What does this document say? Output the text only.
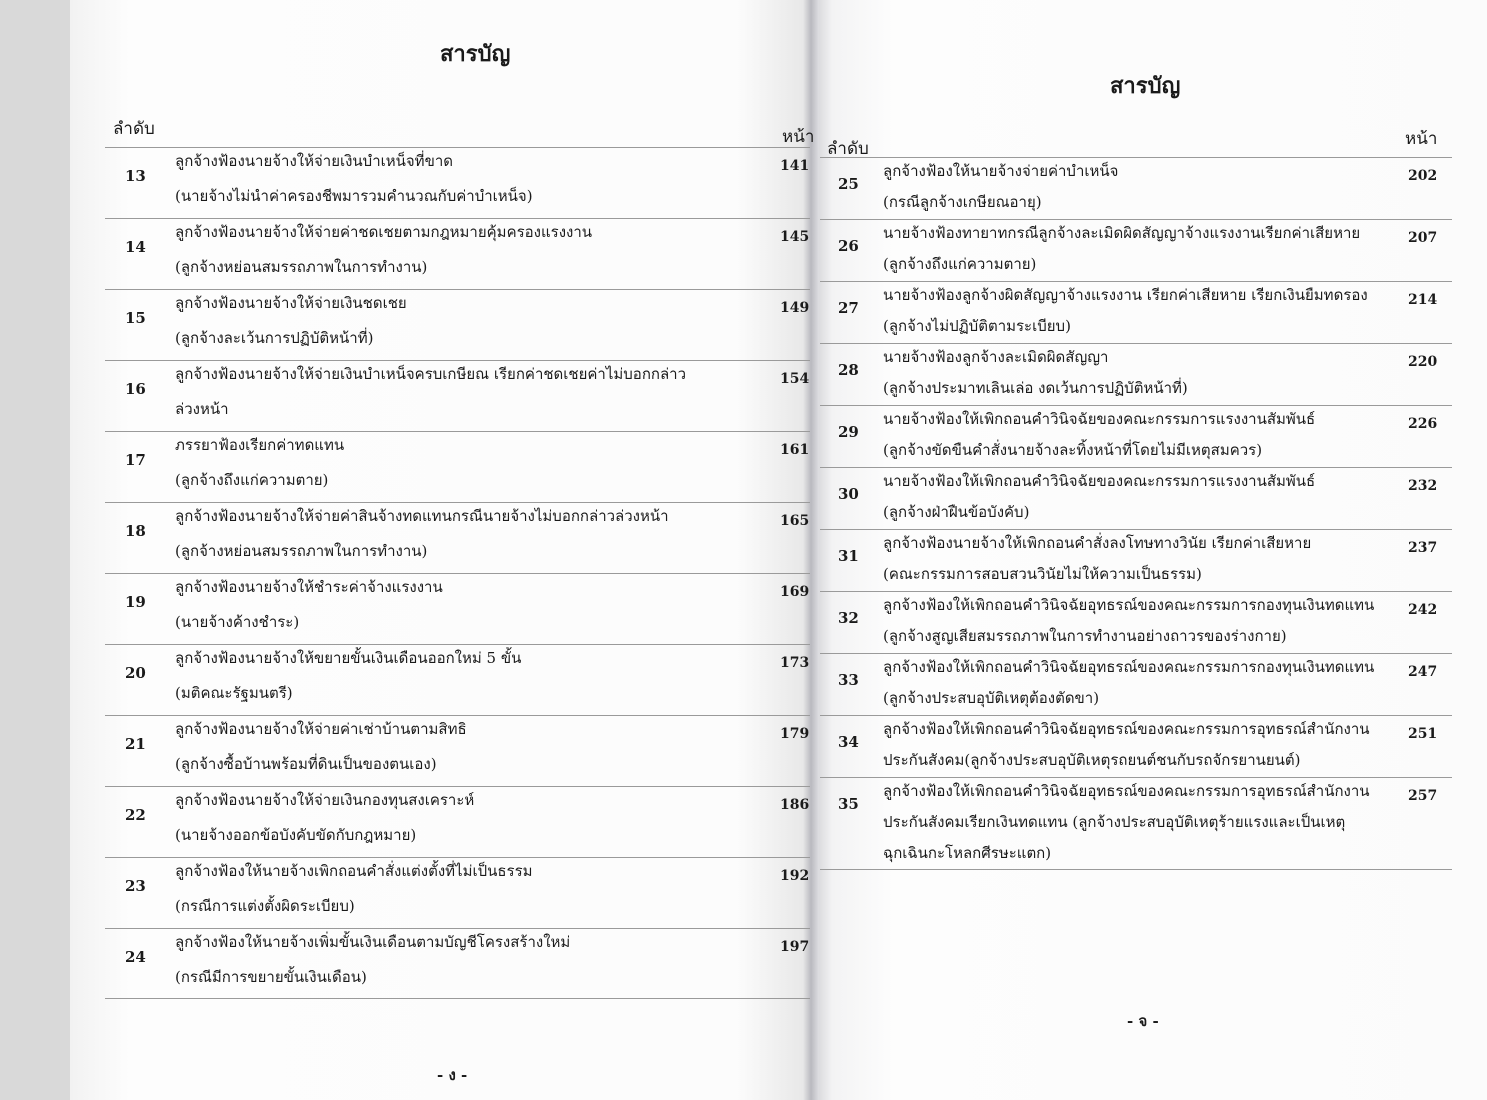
สารบัญ
ลำดับ	หน้า
13
ลูกจ้างฟ้องนายจ้างให้จ่ายเงินบำเหน็จที่ขาด
(นายจ้างไม่นำค่าครองชีพมารวมคำนวณกับค่าบำเหน็จ)
141
14
ลูกจ้างฟ้องนายจ้างให้จ่ายค่าชดเชยตามกฎหมายคุ้มครองแรงงาน
(ลูกจ้างหย่อนสมรรถภาพในการทำงาน)
145
15
ลูกจ้างฟ้องนายจ้างให้จ่ายเงินชดเชย
(ลูกจ้างละเว้นการปฏิบัติหน้าที่)
149
16
ลูกจ้างฟ้องนายจ้างให้จ่ายเงินบำเหน็จครบเกษียณ เรียกค่าชดเชยค่าไม่บอกกล่าว
ล่วงหน้า
154
17
ภรรยาฟ้องเรียกค่าทดแทน
(ลูกจ้างถึงแก่ความตาย)
161
18
ลูกจ้างฟ้องนายจ้างให้จ่ายค่าสินจ้างทดแทนกรณีนายจ้างไม่บอกกล่าวล่วงหน้า
(ลูกจ้างหย่อนสมรรถภาพในการทำงาน)
165
19
ลูกจ้างฟ้องนายจ้างให้ชำระค่าจ้างแรงงาน
(นายจ้างค้างชำระ)
169
20
ลูกจ้างฟ้องนายจ้างให้ขยายขั้นเงินเดือนออกใหม่ 5 ขั้น
(มติคณะรัฐมนตรี)
173
21
ลูกจ้างฟ้องนายจ้างให้จ่ายค่าเช่าบ้านตามสิทธิ
(ลูกจ้างซื้อบ้านพร้อมที่ดินเป็นของตนเอง)
179
22
ลูกจ้างฟ้องนายจ้างให้จ่ายเงินกองทุนสงเคราะห์
(นายจ้างออกข้อบังคับขัดกับกฎหมาย)
186
23
ลูกจ้างฟ้องให้นายจ้างเพิกถอนคำสั่งแต่งตั้งที่ไม่เป็นธรรม
(กรณีการแต่งตั้งผิดระเบียบ)
192
24
ลูกจ้างฟ้องให้นายจ้างเพิ่มขั้นเงินเดือนตามบัญชีโครงสร้างใหม่
(กรณีมีการขยายขั้นเงินเดือน)
197
- ง -
สารบัญ
ลำดับ	หน้า
25
ลูกจ้างฟ้องให้นายจ้างจ่ายค่าบำเหน็จ
(กรณีลูกจ้างเกษียณอายุ)
202
26
นายจ้างฟ้องทายาทกรณีลูกจ้างละเมิดผิดสัญญาจ้างแรงงานเรียกค่าเสียหาย
(ลูกจ้างถึงแก่ความตาย)
207
27
นายจ้างฟ้องลูกจ้างผิดสัญญาจ้างแรงงาน เรียกค่าเสียหาย เรียกเงินยืมทดรอง
(ลูกจ้างไม่ปฏิบัติตามระเบียบ)
214
28
นายจ้างฟ้องลูกจ้างละเมิดผิดสัญญา
(ลูกจ้างประมาทเลินเล่อ งดเว้นการปฏิบัติหน้าที่)
220
29
นายจ้างฟ้องให้เพิกถอนคำวินิจฉัยของคณะกรรมการแรงงานสัมพันธ์
(ลูกจ้างขัดขืนคำสั่งนายจ้างละทิ้งหน้าที่โดยไม่มีเหตุสมควร)
226
30
นายจ้างฟ้องให้เพิกถอนคำวินิจฉัยของคณะกรรมการแรงงานสัมพันธ์
(ลูกจ้างฝ่าฝืนข้อบังคับ)
232
31
ลูกจ้างฟ้องนายจ้างให้เพิกถอนคำสั่งลงโทษทางวินัย เรียกค่าเสียหาย
(คณะกรรมการสอบสวนวินัยไม่ให้ความเป็นธรรม)
237
32
ลูกจ้างฟ้องให้เพิกถอนคำวินิจฉัยอุทธรณ์ของคณะกรรมการกองทุนเงินทดแทน
(ลูกจ้างสูญเสียสมรรถภาพในการทำงานอย่างถาวรของร่างกาย)
242
33
ลูกจ้างฟ้องให้เพิกถอนคำวินิจฉัยอุทธรณ์ของคณะกรรมการกองทุนเงินทดแทน
(ลูกจ้างประสบอุบัติเหตุต้องตัดขา)
247
34
ลูกจ้างฟ้องให้เพิกถอนคำวินิจฉัยอุทธรณ์ของคณะกรรมการอุทธรณ์สำนักงาน
ประกันสังคม(ลูกจ้างประสบอุบัติเหตุรถยนต์ชนกับรถจักรยานยนต์)
251
35
ลูกจ้างฟ้องให้เพิกถอนคำวินิจฉัยอุทธรณ์ของคณะกรรมการอุทธรณ์สำนักงาน
ประกันสังคมเรียกเงินทดแทน (ลูกจ้างประสบอุบัติเหตุร้ายแรงและเป็นเหตุ
ฉุกเฉินกะโหลกศีรษะแตก)
257
- จ -
